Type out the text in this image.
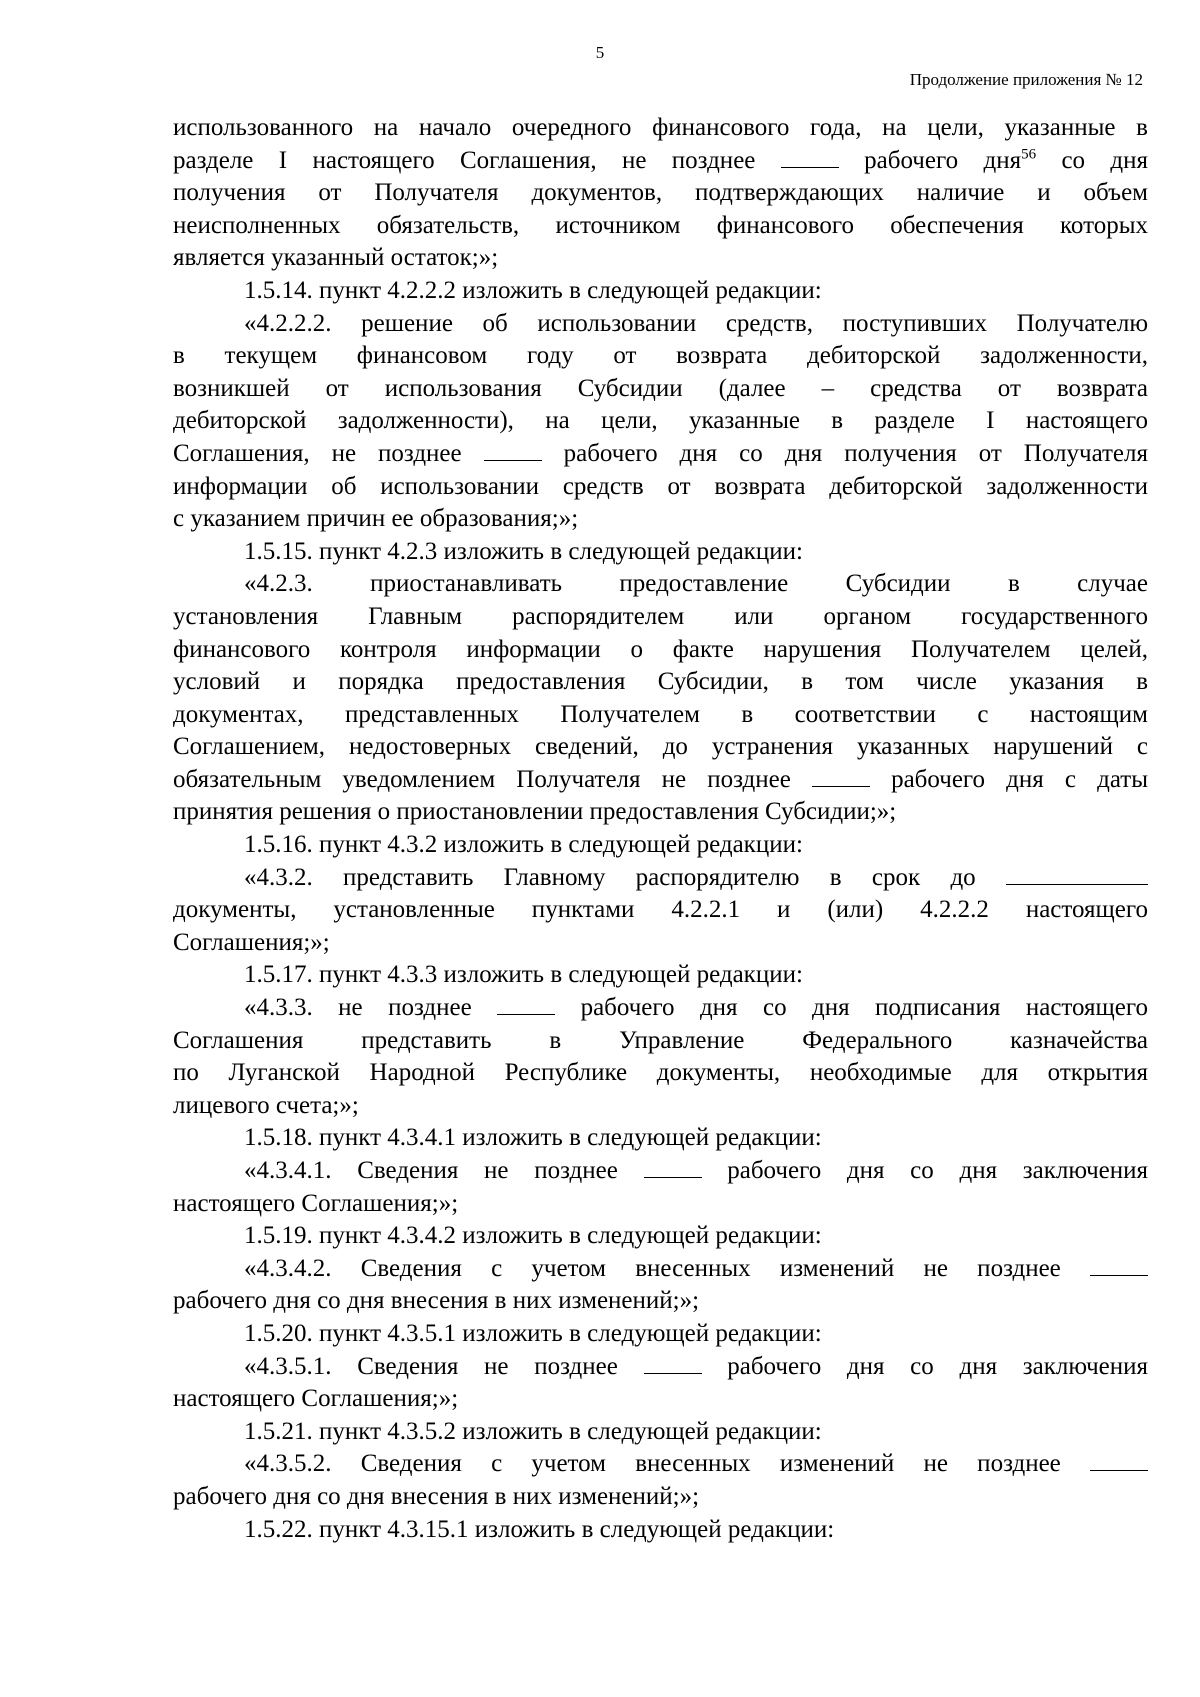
5
Продолжение приложения № 12
использованного на начало очередного финансового года, на цели, указанные в
разделе I настоящего Соглашения, не позднее	рабочего дня$^{56}$ со дня
получения от Получателя документов, подтверждающих наличие и объем
неисполненных обязательств, источником финансового обеспечения которых
является указанный остаток;»;
1.5.14. пункт 4.2.2.2 изложить в следующей редакции:
«4.2.2.2. решение об использовании средств, поступивших Получателю
в текущем финансовом году от возврата дебиторской задолженности,
возникшей от использования Субсидии (далее – средства от возврата
дебиторской задолженности), на цели, указанные в разделе I настоящего
Соглашения, не позднее	рабочего дня со дня получения от Получателя
информации об использовании средств от возврата дебиторской задолженности
с указанием причин ее образования;»;
1.5.15. пункт 4.2.3 изложить в следующей редакции:
«4.2.3. приостанавливать предоставление Субсидии в случае
установления Главным распорядителем или органом государственного
финансового контроля информации о факте нарушения Получателем целей,
условий и порядка предоставления Субсидии, в том числе указания в
документах, представленных Получателем в соответствии с настоящим
Соглашением, недостоверных сведений, до устранения указанных нарушений с
обязательным уведомлением Получателя не позднее	рабочего дня с даты
принятия решения о приостановлении предоставления Субсидии;»;
1.5.16. пункт 4.3.2 изложить в следующей редакции:
«4.3.2. представить Главному распорядителю в срок до
документы, установленные пунктами 4.2.2.1 и (или) 4.2.2.2 настоящего
Соглашения;»;
1.5.17. пункт 4.3.3 изложить в следующей редакции:
«4.3.3. не позднее	рабочего дня со дня подписания настоящего
Соглашения представить в Управление Федерального казначейства
по Луганской Народной Республике документы, необходимые для открытия
лицевого счета;»;
1.5.18. пункт 4.3.4.1 изложить в следующей редакции:
«4.3.4.1. Сведения не позднее	рабочего дня со дня заключения
настоящего Соглашения;»;
1.5.19. пункт 4.3.4.2 изложить в следующей редакции:
«4.3.4.2. Сведения с учетом внесенных изменений не позднее
рабочего дня со дня внесения в них изменений;»;
1.5.20. пункт 4.3.5.1 изложить в следующей редакции:
«4.3.5.1. Сведения не позднее	рабочего дня со дня заключения
настоящего Соглашения;»;
1.5.21. пункт 4.3.5.2 изложить в следующей редакции:
«4.3.5.2. Сведения с учетом внесенных изменений не позднее
рабочего дня со дня внесения в них изменений;»;
1.5.22. пункт 4.3.15.1 изложить в следующей редакции:
